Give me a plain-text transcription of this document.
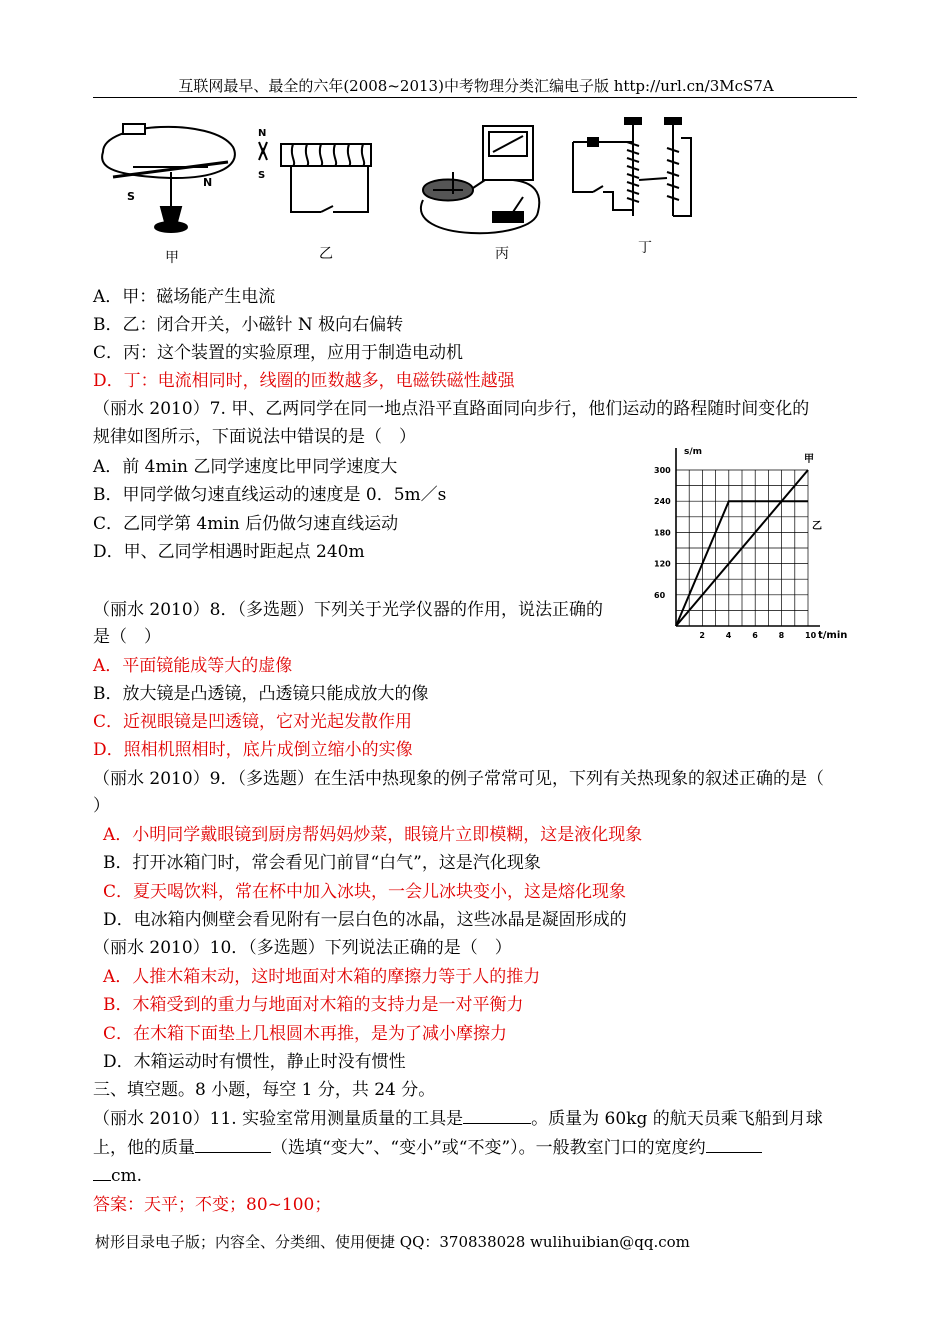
互联网最早、最全的六年(2008~2013)中考物理分类汇编电子版 http://url.cn/3McS7A
S
N
甲
N
S
乙	丙	丁
A．甲：磁场能产生电流
B．乙：闭合开关，小磁针 N 极向右偏转
C．丙：这个装置的实验原理，应用于制造电动机
D．丁：电流相同时，线圈的匝数越多，电磁铁磁性越强
（丽水 2010）7. 甲、乙两同学在同一地点沿平直路面同向步行，他们运动的路程随时间变化的
规律如图所示，下面说法中错误的是（　）
A．前 4min 乙同学速度比甲同学速度大
B．甲同学做匀速直线运动的速度是 0．5m／s
C．乙同学第 4min 后仍做匀速直线运动
D．甲、乙同学相遇时距起点 240m
2	4	6	8	10
60
120
180
240
300
甲
乙
s/m
t/min
（丽水 2010）8．（多选题）下列关于光学仪器的作用，说法正确的
是（　）
A．平面镜能成等大的虚像
B．放大镜是凸透镜，凸透镜只能成放大的像
C．近视眼镜是凹透镜，它对光起发散作用
D．照相机照相时，底片成倒立缩小的实像
（丽水 2010）9．（多选题）在生活中热现象的例子常常可见，下列有关热现象的叙述正确的是（
）
A．小明同学戴眼镜到厨房帮妈妈炒菜，眼镜片立即模糊，这是液化现象
B．打开冰箱门时，常会看见门前冒“白气”，这是汽化现象
C．夏天喝饮料，常在杯中加入冰块，一会儿冰块变小，这是熔化现象
D．电冰箱内侧壁会看见附有一层白色的冰晶，这些冰晶是凝固形成的
（丽水 2010）10．（多选题）下列说法正确的是（　）
A．人推木箱末动，这时地面对木箱的摩擦力等于人的推力
B．木箱受到的重力与地面对木箱的支持力是一对平衡力
C．在木箱下面垫上几根圆木再推，是为了减小摩擦力
D．木箱运动时有惯性，静止时没有惯性
三、填空题。8 小题，每空 1 分，共 24 分。
（丽水 2010）11. 实验室常用测量质量的工具是	。质量为 60kg 的航天员乘飞船到月球
上，他的质量	（选填“变大”、“变小”或“不变”）。一般教室门口的宽度约
cm.
答案：天平；不变；80~100；
树形目录电子版；内容全、分类细、使用便捷 QQ：370838028 wulihuibian@qq.com
